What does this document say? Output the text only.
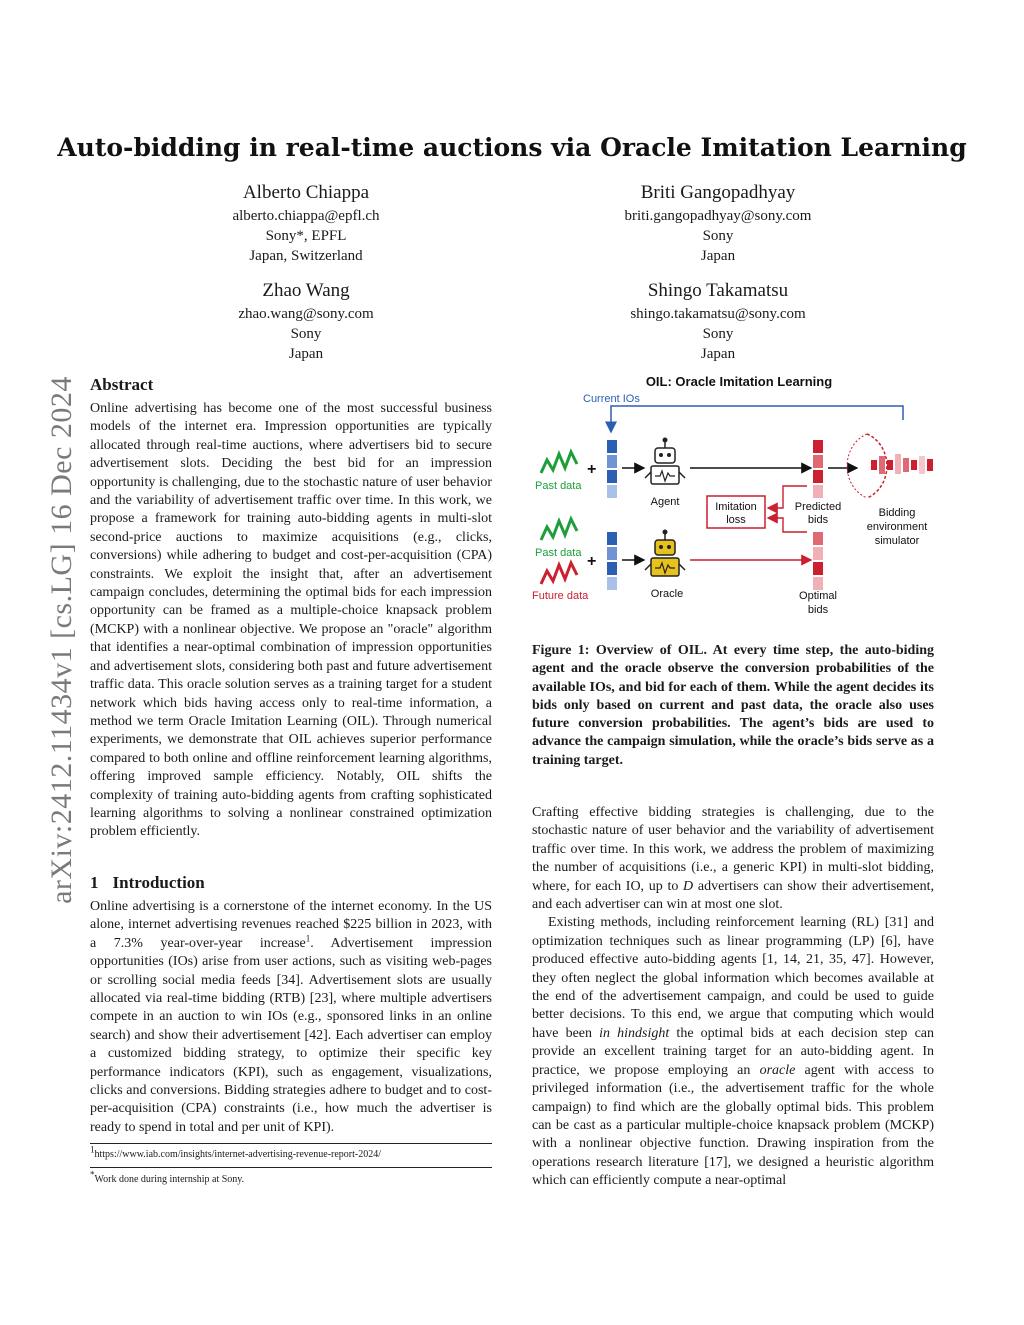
arXiv:2412.11434v1 [cs.LG] 16 Dec 2024
Auto-bidding in real-time auctions via Oracle Imitation Learning
Alberto Chiappa
alberto.chiappa@epfl.ch
Sony*, EPFL
Japan, Switzerland
Briti Gangopadhyay
briti.gangopadhyay@sony.com
Sony
Japan
Zhao Wang
zhao.wang@sony.com
Sony
Japan
Shingo Takamatsu
shingo.takamatsu@sony.com
Sony
Japan
Abstract

Online advertising has become one of the most successful business models of the internet era. Impression opportunities are typically allocated through real-time auctions, where advertisers bid to secure advertisement slots. Deciding the best bid for an impression opportunity is challenging, due to the stochastic nature of user behavior and the variability of advertisement traffic over time. In this work, we propose a framework for training auto-bidding agents in multi-slot second-price auctions to maximize acquisitions (e.g., clicks, conversions) while adhering to budget and cost-per-acquisition (CPA) constraints. We exploit the insight that, after an advertisement campaign concludes, determining the optimal bids for each impression opportunity can be framed as a multiple-choice knapsack problem (MCKP) with a nonlinear objective. We propose an "oracle" algorithm that identifies a near-optimal combination of impression opportunities and advertisement slots, considering both past and future advertisement traffic data. This oracle solution serves as a training target for a student network which bids having access only to real-time information, a method we term Oracle Imitation Learning (OIL). Through numerical experiments, we demonstrate that OIL achieves superior performance compared to both online and offline reinforcement learning algorithms, offering improved sample efficiency. Notably, OIL shifts the complexity of training auto-bidding agents from crafting sophisticated learning algorithms to solving a nonlinear constrained optimization problem efficiently.

1 Introduction

Online advertising is a cornerstone of the internet economy. In the US alone, internet advertising revenues reached $225 billion in 2023, with a 7.3% year-over-year increase$^1$. Advertisement impression opportunities (IOs) arise from user actions, such as visiting web-pages or scrolling social media feeds [34]. Advertisement slots are usually allocated via real-time bidding (RTB) [23], where multiple advertisers compete in an auction to win IOs (e.g., sponsored links in an online search) and show their advertisement [42]. Each advertiser can employ a customized bidding strategy, to optimize their specific key performance indicators (KPI), such as engagement, visualizations, clicks and conversions. Bidding strategies adhere to budget and to cost-per-acquisition (CPA) constraints (i.e., how much the advertiser is ready to spend in total and per unit of KPI).

$^1$https://www.iab.com/insights/internet-advertising-revenue-report-2024/
*Work done during internship at Sony.
OIL: Oracle Imitation Learning
Current IOs
+
Past data
Agent	Predicted
bids
Bidding
environment
simulator
Imitation
loss
Past data +
Future data	Oracle	Optimal
bids
Figure 1: Overview of OIL. At every time step, the auto-biding agent and the oracle observe the conversion probabilities of the available IOs, and bid for each of them. While the agent decides its bids only based on current and past data, the oracle also uses future conversion probabilities. The agent’s bids are used to advance the campaign simulation, while the oracle’s bids serve as a training target.

Crafting effective bidding strategies is challenging, due to the stochastic nature of user behavior and the variability of advertisement traffic over time. In this work, we address the problem of maximizing the number of acquisitions (i.e., a generic KPI) in multi-slot bidding, where, for each IO, up to D advertisers can show their advertisement, and each advertiser can win at most one slot.

Existing methods, including reinforcement learning (RL) [31] and optimization techniques such as linear programming (LP) [6], have produced effective auto-bidding agents [1, 14, 21, 35, 47]. However, they often neglect the global information which becomes available at the end of the advertisement campaign, and could be used to guide better decisions. To this end, we argue that computing which would have been in hindsight the optimal bids at each decision step can provide an excellent training target for an auto-bidding agent. In practice, we propose employing an oracle agent with access to privileged information (i.e., the advertisement traffic for the whole campaign) to find which are the globally optimal bids. This problem can be cast as a particular multiple-choice knapsack problem (MCKP) with a nonlinear objective function. Drawing inspiration from the operations research literature [17], we designed a heuristic algorithm which can efficiently compute a near-optimal
